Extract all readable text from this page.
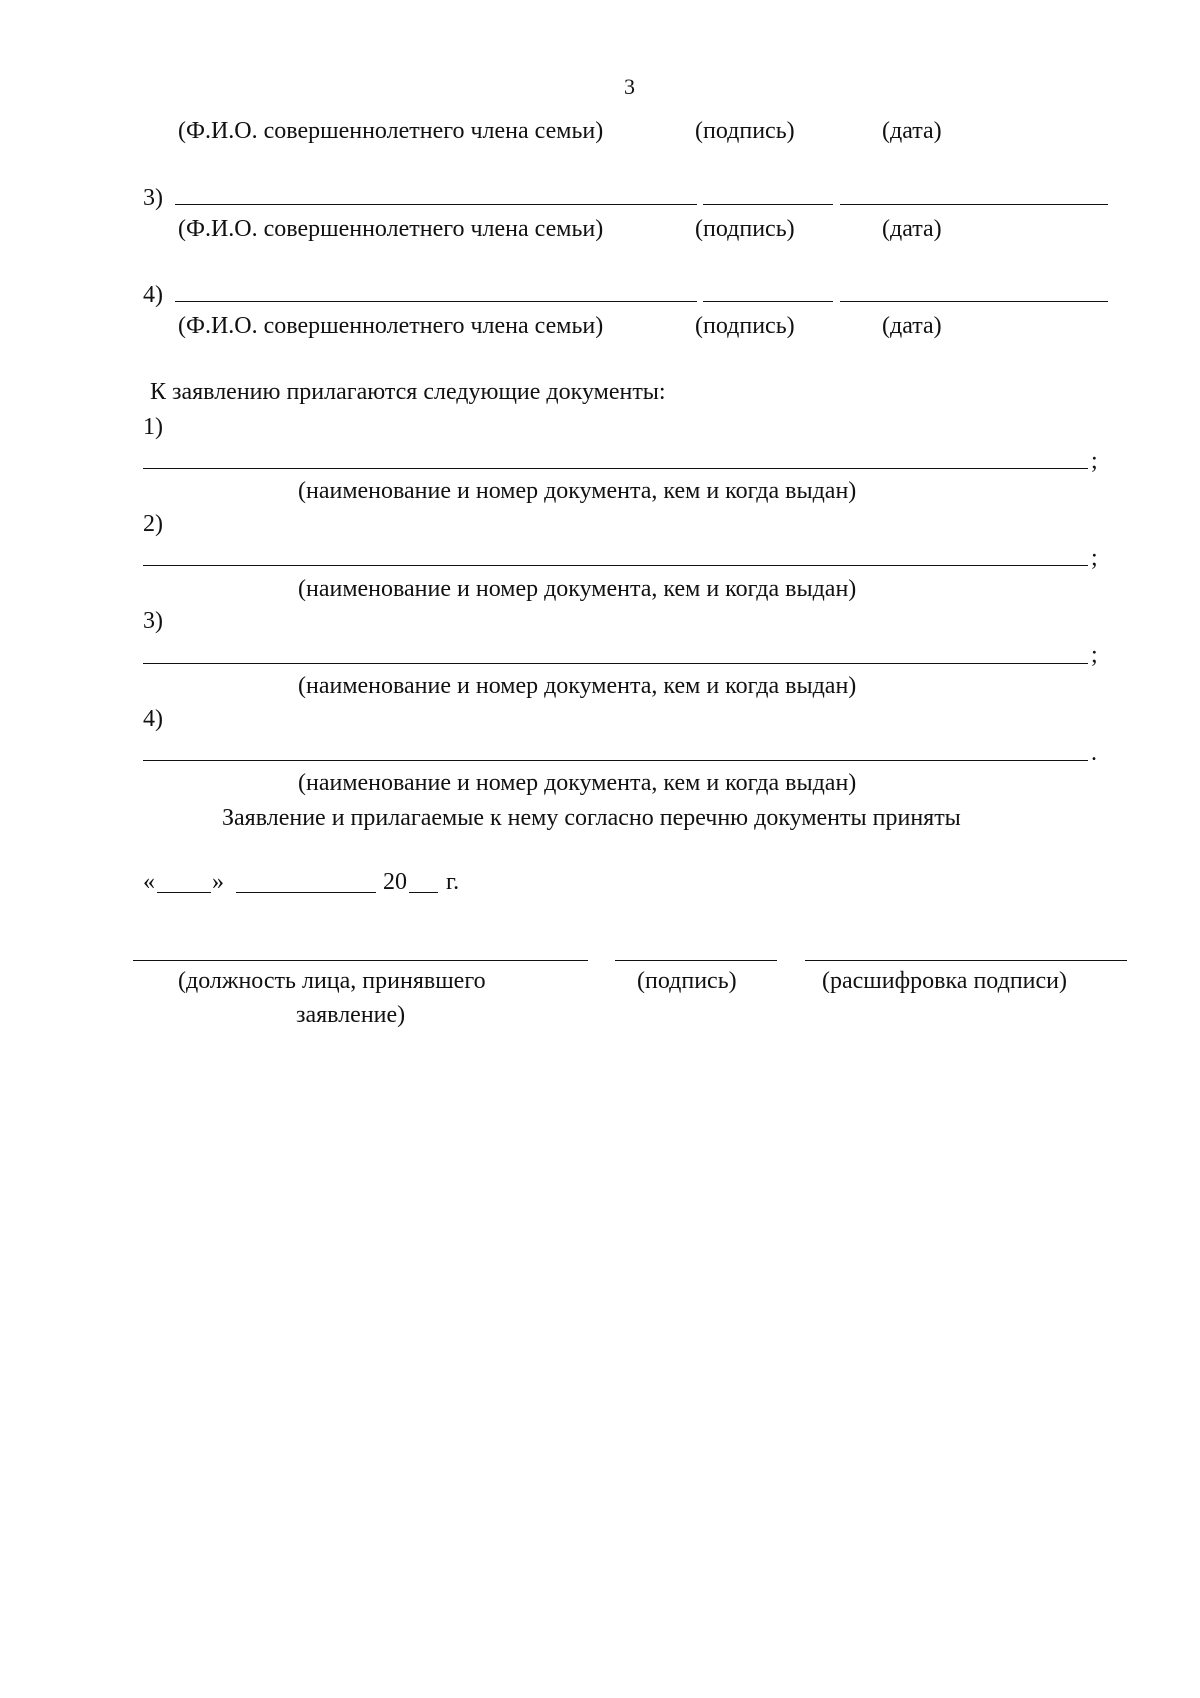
3
(Ф.И.О. совершеннолетнего члена семьи)	(подпись)	(дата)
3)
(Ф.И.О. совершеннолетнего члена семьи)	(подпись)	(дата)
4)
(Ф.И.О. совершеннолетнего члена семьи)	(подпись)	(дата)
К заявлению прилагаются следующие документы:
1)
;
(наименование и номер документа, кем и когда выдан)
2)
;
(наименование и номер документа, кем и когда выдан)
3)
;
(наименование и номер документа, кем и когда выдан)
4)
.
(наименование и номер документа, кем и когда выдан)
Заявление и прилагаемые к нему согласно перечню документы приняты
« »	20 г.
(должность лица, принявшего
заявление)
(подпись)	(расшифровка подписи)
